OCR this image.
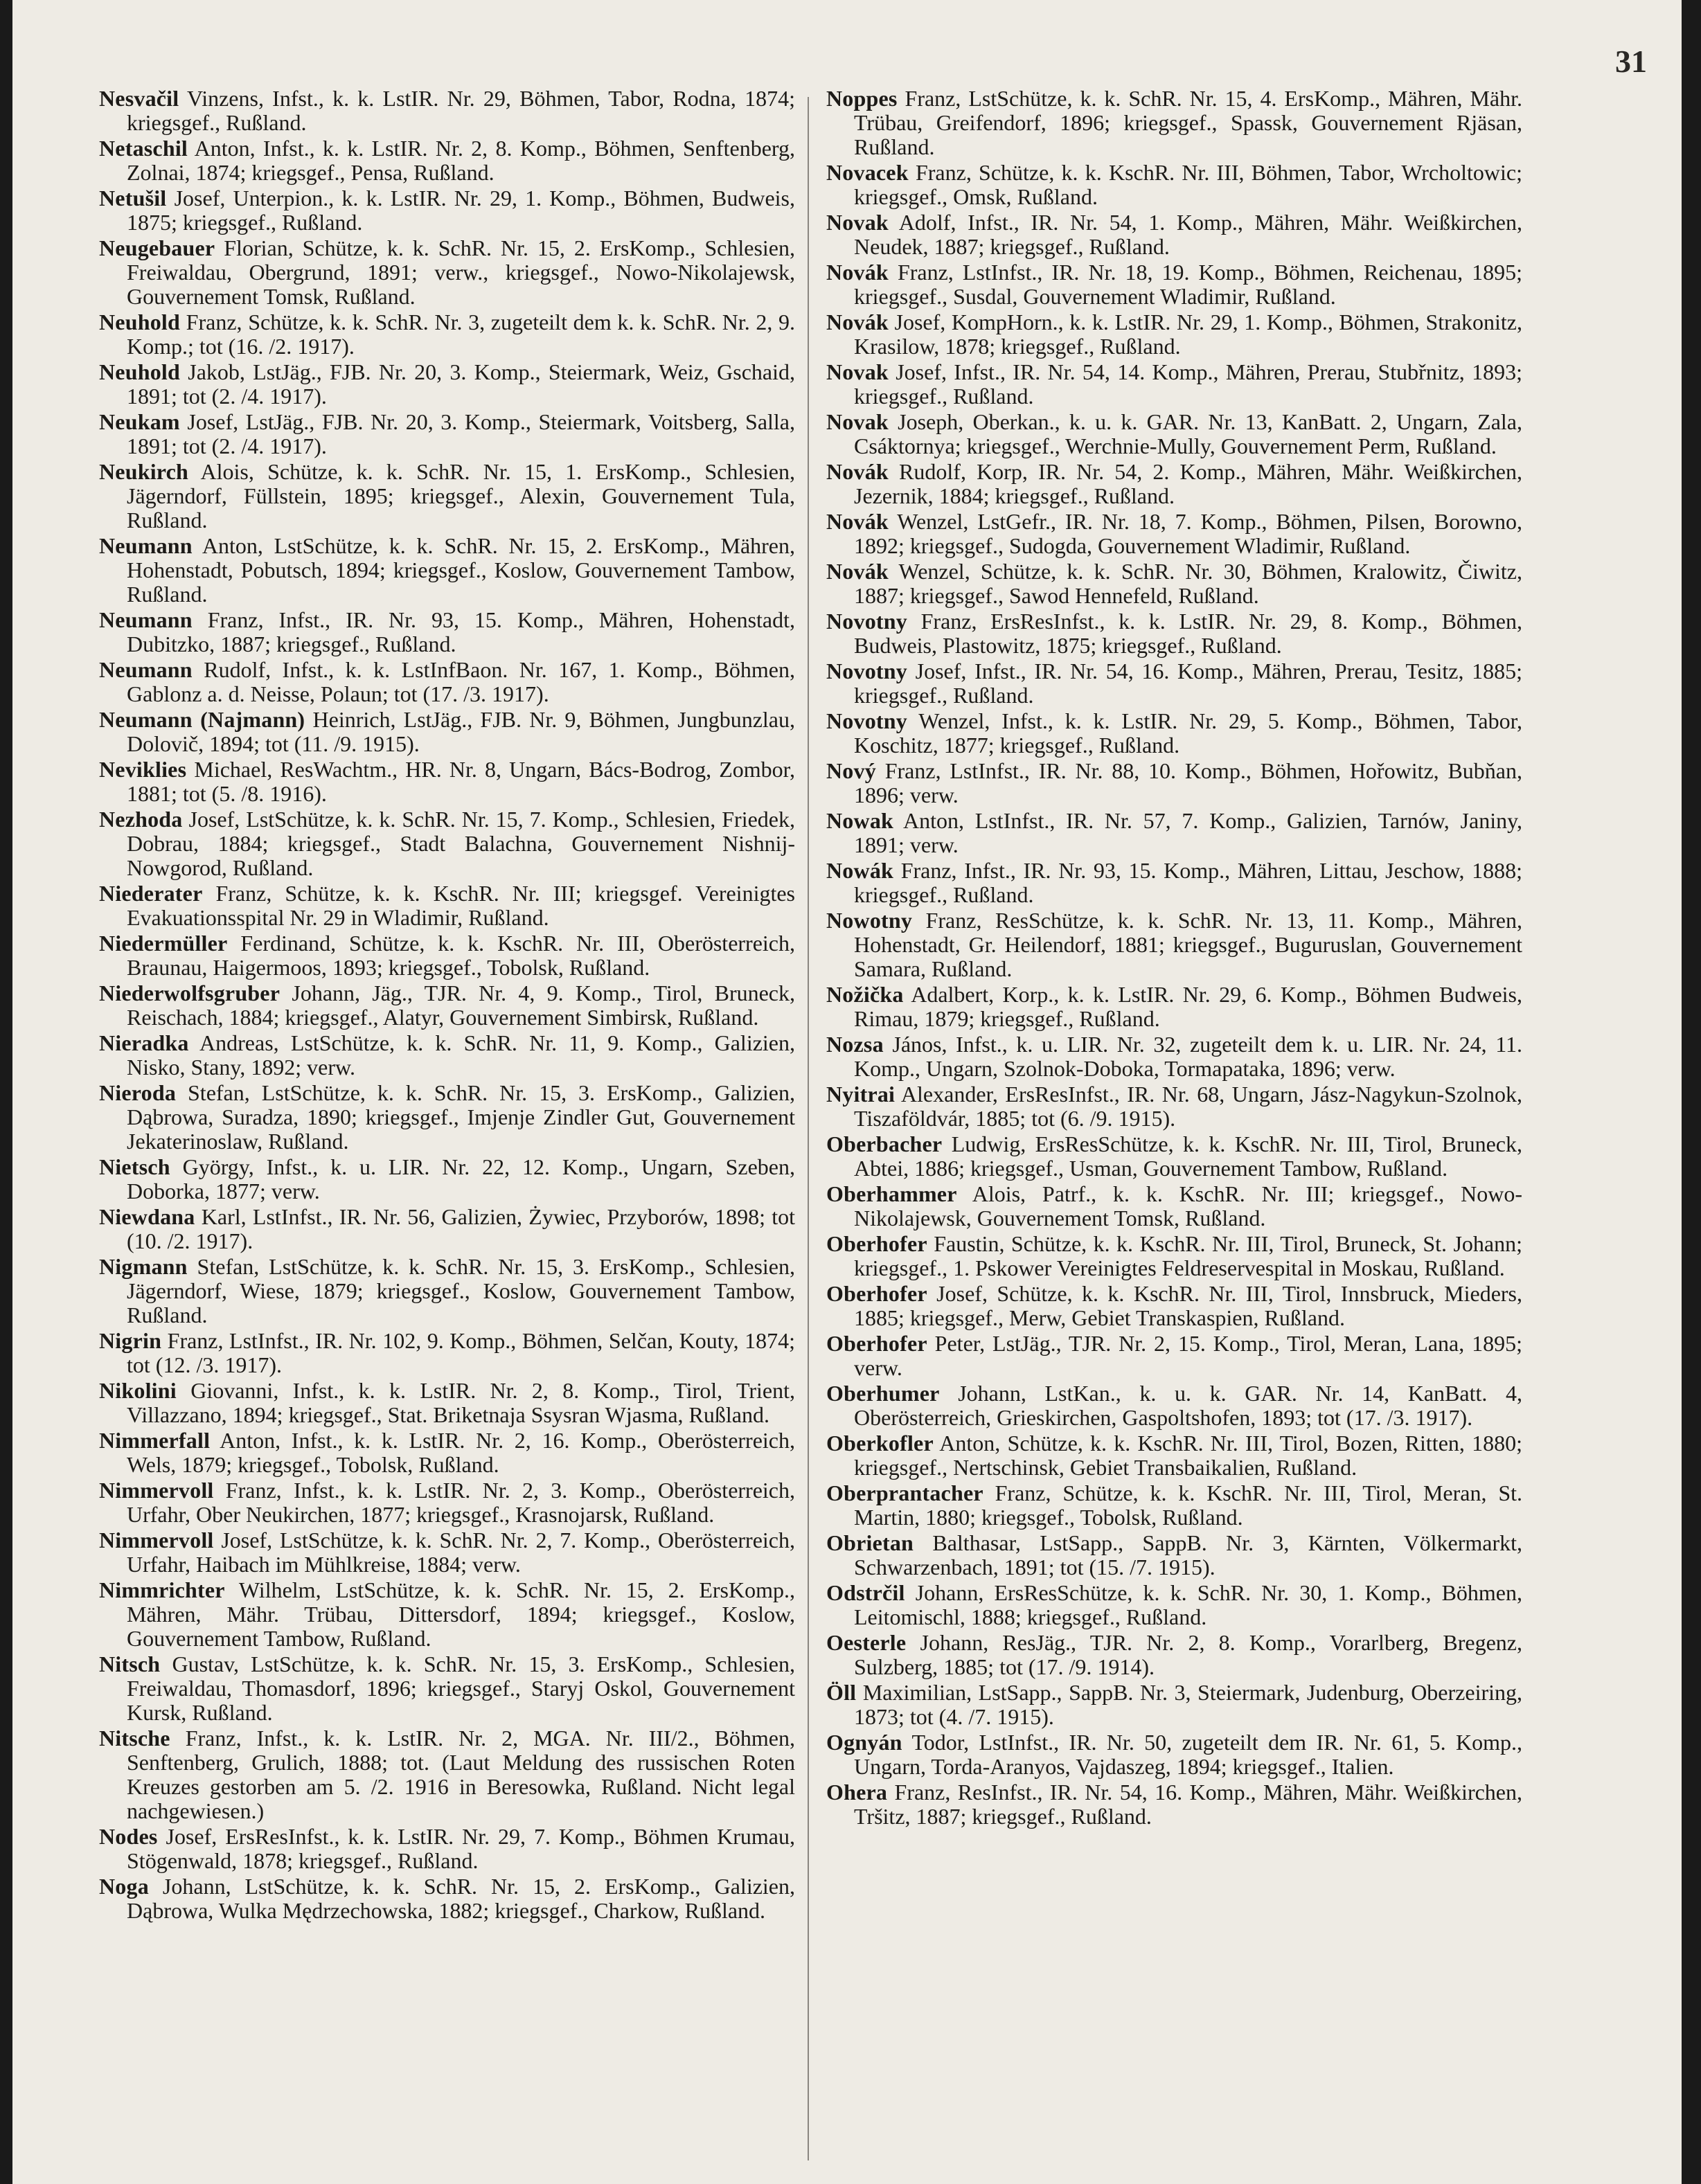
31

Nesvačil Vinzens, Infst., k. k. LstIR. Nr. 29, Böhmen, Tabor, Rodna, 1874; kriegsgef., Rußland.

Netaschil Anton, Infst., k. k. LstIR. Nr. 2, 8. Komp., Böhmen, Senftenberg, Zolnai, 1874; kriegsgef., Pensa, Rußland.

Netušil Josef, Unterpion., k. k. LstIR. Nr. 29, 1. Komp., Böhmen, Budweis, 1875; kriegsgef., Rußland.

Neugebauer Florian, Schütze, k. k. SchR. Nr. 15, 2. ErsKomp., Schlesien, Freiwaldau, Obergrund, 1891; verw., kriegsgef., Nowo-Nikolajewsk, Gouvernement Tomsk, Rußland.

Neuhold Franz, Schütze, k. k. SchR. Nr. 3, zugeteilt dem k. k. SchR. Nr. 2, 9. Komp.; tot (16. /2. 1917).

Neuhold Jakob, LstJäg., FJB. Nr. 20, 3. Komp., Steiermark, Weiz, Gschaid, 1891; tot (2. /4. 1917).

Neukam Josef, LstJäg., FJB. Nr. 20, 3. Komp., Steiermark, Voitsberg, Salla, 1891; tot (2. /4. 1917).

Neukirch Alois, Schütze, k. k. SchR. Nr. 15, 1. ErsKomp., Schlesien, Jägerndorf, Füllstein, 1895; kriegsgef., Alexin, Gouvernement Tula, Rußland.

Neumann Anton, LstSchütze, k. k. SchR. Nr. 15, 2. ErsKomp., Mähren, Hohenstadt, Pobutsch, 1894; kriegsgef., Koslow, Gouvernement Tambow, Rußland.

Neumann Franz, Infst., IR. Nr. 93, 15. Komp., Mähren, Hohenstadt, Dubitzko, 1887; kriegsgef., Rußland.

Neumann Rudolf, Infst., k. k. LstInfBaon. Nr. 167, 1. Komp., Böhmen, Gablonz a. d. Neisse, Polaun; tot (17. /3. 1917).

Neumann (Najmann) Heinrich, LstJäg., FJB. Nr. 9, Böhmen, Jungbunzlau, Dolovič, 1894; tot (11. /9. 1915).

Neviklies Michael, ResWachtm., HR. Nr. 8, Ungarn, Bács-Bodrog, Zombor, 1881; tot (5. /8. 1916).

Nezhoda Josef, LstSchütze, k. k. SchR. Nr. 15, 7. Komp., Schlesien, Friedek, Dobrau, 1884; kriegsgef., Stadt Balachna, Gouvernement Nishnij-Nowgorod, Rußland.

Niederater Franz, Schütze, k. k. KschR. Nr. III; kriegsgef. Vereinigtes Evakuationsspital Nr. 29 in Wladimir, Rußland.

Niedermüller Ferdinand, Schütze, k. k. KschR. Nr. III, Oberösterreich, Braunau, Haigermoos, 1893; kriegsgef., Tobolsk, Rußland.

Niederwolfsgruber Johann, Jäg., TJR. Nr. 4, 9. Komp., Tirol, Bruneck, Reischach, 1884; kriegsgef., Alatyr, Gouvernement Simbirsk, Rußland.

Nieradka Andreas, LstSchütze, k. k. SchR. Nr. 11, 9. Komp., Galizien, Nisko, Stany, 1892; verw.

Nieroda Stefan, LstSchütze, k. k. SchR. Nr. 15, 3. ErsKomp., Galizien, Dąbrowa, Suradza, 1890; kriegsgef., Imjenje Zindler Gut, Gouvernement Jekaterinoslaw, Rußland.

Nietsch György, Infst., k. u. LIR. Nr. 22, 12. Komp., Ungarn, Szeben, Doborka, 1877; verw.

Niewdana Karl, LstInfst., IR. Nr. 56, Galizien, Żywiec, Przyborów, 1898; tot (10. /2. 1917).

Nigmann Stefan, LstSchütze, k. k. SchR. Nr. 15, 3. ErsKomp., Schlesien, Jägerndorf, Wiese, 1879; kriegsgef., Koslow, Gouvernement Tambow, Rußland.

Nigrin Franz, LstInfst., IR. Nr. 102, 9. Komp., Böhmen, Selčan, Kouty, 1874; tot (12. /3. 1917).

Nikolini Giovanni, Infst., k. k. LstIR. Nr. 2, 8. Komp., Tirol, Trient, Villazzano, 1894; kriegsgef., Stat. Briketnaja Ssysran Wjasma, Rußland.

Nimmerfall Anton, Infst., k. k. LstIR. Nr. 2, 16. Komp., Oberösterreich, Wels, 1879; kriegsgef., Tobolsk, Rußland.

Nimmervoll Franz, Infst., k. k. LstIR. Nr. 2, 3. Komp., Oberösterreich, Urfahr, Ober Neukirchen, 1877; kriegsgef., Krasnojarsk, Rußland.

Nimmervoll Josef, LstSchütze, k. k. SchR. Nr. 2, 7. Komp., Oberösterreich, Urfahr, Haibach im Mühlkreise, 1884; verw.

Nimmrichter Wilhelm, LstSchütze, k. k. SchR. Nr. 15, 2. ErsKomp., Mähren, Mähr. Trübau, Dittersdorf, 1894; kriegsgef., Koslow, Gouvernement Tambow, Rußland.

Nitsch Gustav, LstSchütze, k. k. SchR. Nr. 15, 3. ErsKomp., Schlesien, Freiwaldau, Thomasdorf, 1896; kriegsgef., Staryj Oskol, Gouvernement Kursk, Rußland.

Nitsche Franz, Infst., k. k. LstIR. Nr. 2, MGA. Nr. III/2., Böhmen, Senftenberg, Grulich, 1888; tot. (Laut Meldung des russischen Roten Kreuzes gestorben am 5. /2. 1916 in Beresowka, Rußland. Nicht legal nachgewiesen.)

Nodes Josef, ErsResInfst., k. k. LstIR. Nr. 29, 7. Komp., Böhmen Krumau, Stögenwald, 1878; kriegsgef., Rußland.

Noga Johann, LstSchütze, k. k. SchR. Nr. 15, 2. ErsKomp., Galizien, Dąbrowa, Wulka Mędrzechowska, 1882; kriegsgef., Charkow, Rußland.

Noppes Franz, LstSchütze, k. k. SchR. Nr. 15, 4. ErsKomp., Mähren, Mähr. Trübau, Greifendorf, 1896; kriegsgef., Spassk, Gouvernement Rjäsan, Rußland.

Novacek Franz, Schütze, k. k. KschR. Nr. III, Böhmen, Tabor, Wrcholtowic; kriegsgef., Omsk, Rußland.

Novak Adolf, Infst., IR. Nr. 54, 1. Komp., Mähren, Mähr. Weißkirchen, Neudek, 1887; kriegsgef., Rußland.

Novák Franz, LstInfst., IR. Nr. 18, 19. Komp., Böhmen, Reichenau, 1895; kriegsgef., Susdal, Gouvernement Wladimir, Rußland.

Novák Josef, KompHorn., k. k. LstIR. Nr. 29, 1. Komp., Böhmen, Strakonitz, Krasilow, 1878; kriegsgef., Rußland.

Novak Josef, Infst., IR. Nr. 54, 14. Komp., Mähren, Prerau, Stubřnitz, 1893; kriegsgef., Rußland.

Novak Joseph, Oberkan., k. u. k. GAR. Nr. 13, KanBatt. 2, Ungarn, Zala, Csáktornya; kriegsgef., Werchnie-Mully, Gouvernement Perm, Rußland.

Novák Rudolf, Korp, IR. Nr. 54, 2. Komp., Mähren, Mähr. Weißkirchen, Jezernik, 1884; kriegsgef., Rußland.

Novák Wenzel, LstGefr., IR. Nr. 18, 7. Komp., Böhmen, Pilsen, Borowno, 1892; kriegsgef., Sudogda, Gouvernement Wladimir, Rußland.

Novák Wenzel, Schütze, k. k. SchR. Nr. 30, Böhmen, Kralowitz, Čiwitz, 1887; kriegsgef., Sawod Hennefeld, Rußland.

Novotny Franz, ErsResInfst., k. k. LstIR. Nr. 29, 8. Komp., Böhmen, Budweis, Plastowitz, 1875; kriegsgef., Rußland.

Novotny Josef, Infst., IR. Nr. 54, 16. Komp., Mähren, Prerau, Tesitz, 1885; kriegsgef., Rußland.

Novotny Wenzel, Infst., k. k. LstIR. Nr. 29, 5. Komp., Böhmen, Tabor, Koschitz, 1877; kriegsgef., Rußland.

Nový Franz, LstInfst., IR. Nr. 88, 10. Komp., Böhmen, Hořowitz, Bubňan, 1896; verw.

Nowak Anton, LstInfst., IR. Nr. 57, 7. Komp., Galizien, Tarnów, Janiny, 1891; verw.

Nowák Franz, Infst., IR. Nr. 93, 15. Komp., Mähren, Littau, Jeschow, 1888; kriegsgef., Rußland.

Nowotny Franz, ResSchütze, k. k. SchR. Nr. 13, 11. Komp., Mähren, Hohenstadt, Gr. Heilendorf, 1881; kriegsgef., Buguruslan, Gouvernement Samara, Rußland.

Nožička Adalbert, Korp., k. k. LstIR. Nr. 29, 6. Komp., Böhmen Budweis, Rimau, 1879; kriegsgef., Rußland.

Nozsa János, Infst., k. u. LIR. Nr. 32, zugeteilt dem k. u. LIR. Nr. 24, 11. Komp., Ungarn, Szolnok-Doboka, Tormapataka, 1896; verw.

Nyitrai Alexander, ErsResInfst., IR. Nr. 68, Ungarn, Jász-Nagykun-Szolnok, Tiszaföldvár, 1885; tot (6. /9. 1915).

Oberbacher Ludwig, ErsResSchütze, k. k. KschR. Nr. III, Tirol, Bruneck, Abtei, 1886; kriegsgef., Usman, Gouvernement Tambow, Rußland.

Oberhammer Alois, Patrf., k. k. KschR. Nr. III; kriegsgef., Nowo-Nikolajewsk, Gouvernement Tomsk, Rußland.

Oberhofer Faustin, Schütze, k. k. KschR. Nr. III, Tirol, Bruneck, St. Johann; kriegsgef., 1. Pskower Vereinigtes Feldreservespital in Moskau, Rußland.

Oberhofer Josef, Schütze, k. k. KschR. Nr. III, Tirol, Innsbruck, Mieders, 1885; kriegsgef., Merw, Gebiet Transkaspien, Rußland.

Oberhofer Peter, LstJäg., TJR. Nr. 2, 15. Komp., Tirol, Meran, Lana, 1895; verw.

Oberhumer Johann, LstKan., k. u. k. GAR. Nr. 14, KanBatt. 4, Oberösterreich, Grieskirchen, Gaspoltshofen, 1893; tot (17. /3. 1917).

Oberkofler Anton, Schütze, k. k. KschR. Nr. III, Tirol, Bozen, Ritten, 1880; kriegsgef., Nertschinsk, Gebiet Transbaikalien, Rußland.

Oberprantacher Franz, Schütze, k. k. KschR. Nr. III, Tirol, Meran, St. Martin, 1880; kriegsgef., Tobolsk, Rußland.

Obrietan Balthasar, LstSapp., SappB. Nr. 3, Kärnten, Völkermarkt, Schwarzenbach, 1891; tot (15. /7. 1915).

Odstrčil Johann, ErsResSchütze, k. k. SchR. Nr. 30, 1. Komp., Böhmen, Leitomischl, 1888; kriegsgef., Rußland.

Oesterle Johann, ResJäg., TJR. Nr. 2, 8. Komp., Vorarlberg, Bregenz, Sulzberg, 1885; tot (17. /9. 1914).

Öll Maximilian, LstSapp., SappB. Nr. 3, Steiermark, Judenburg, Oberzeiring, 1873; tot (4. /7. 1915).

Ognyán Todor, LstInfst., IR. Nr. 50, zugeteilt dem IR. Nr. 61, 5. Komp., Ungarn, Torda-Aranyos, Vajdaszeg, 1894; kriegsgef., Italien.

Ohera Franz, ResInfst., IR. Nr. 54, 16. Komp., Mähren, Mähr. Weißkirchen, Tršitz, 1887; kriegsgef., Rußland.
